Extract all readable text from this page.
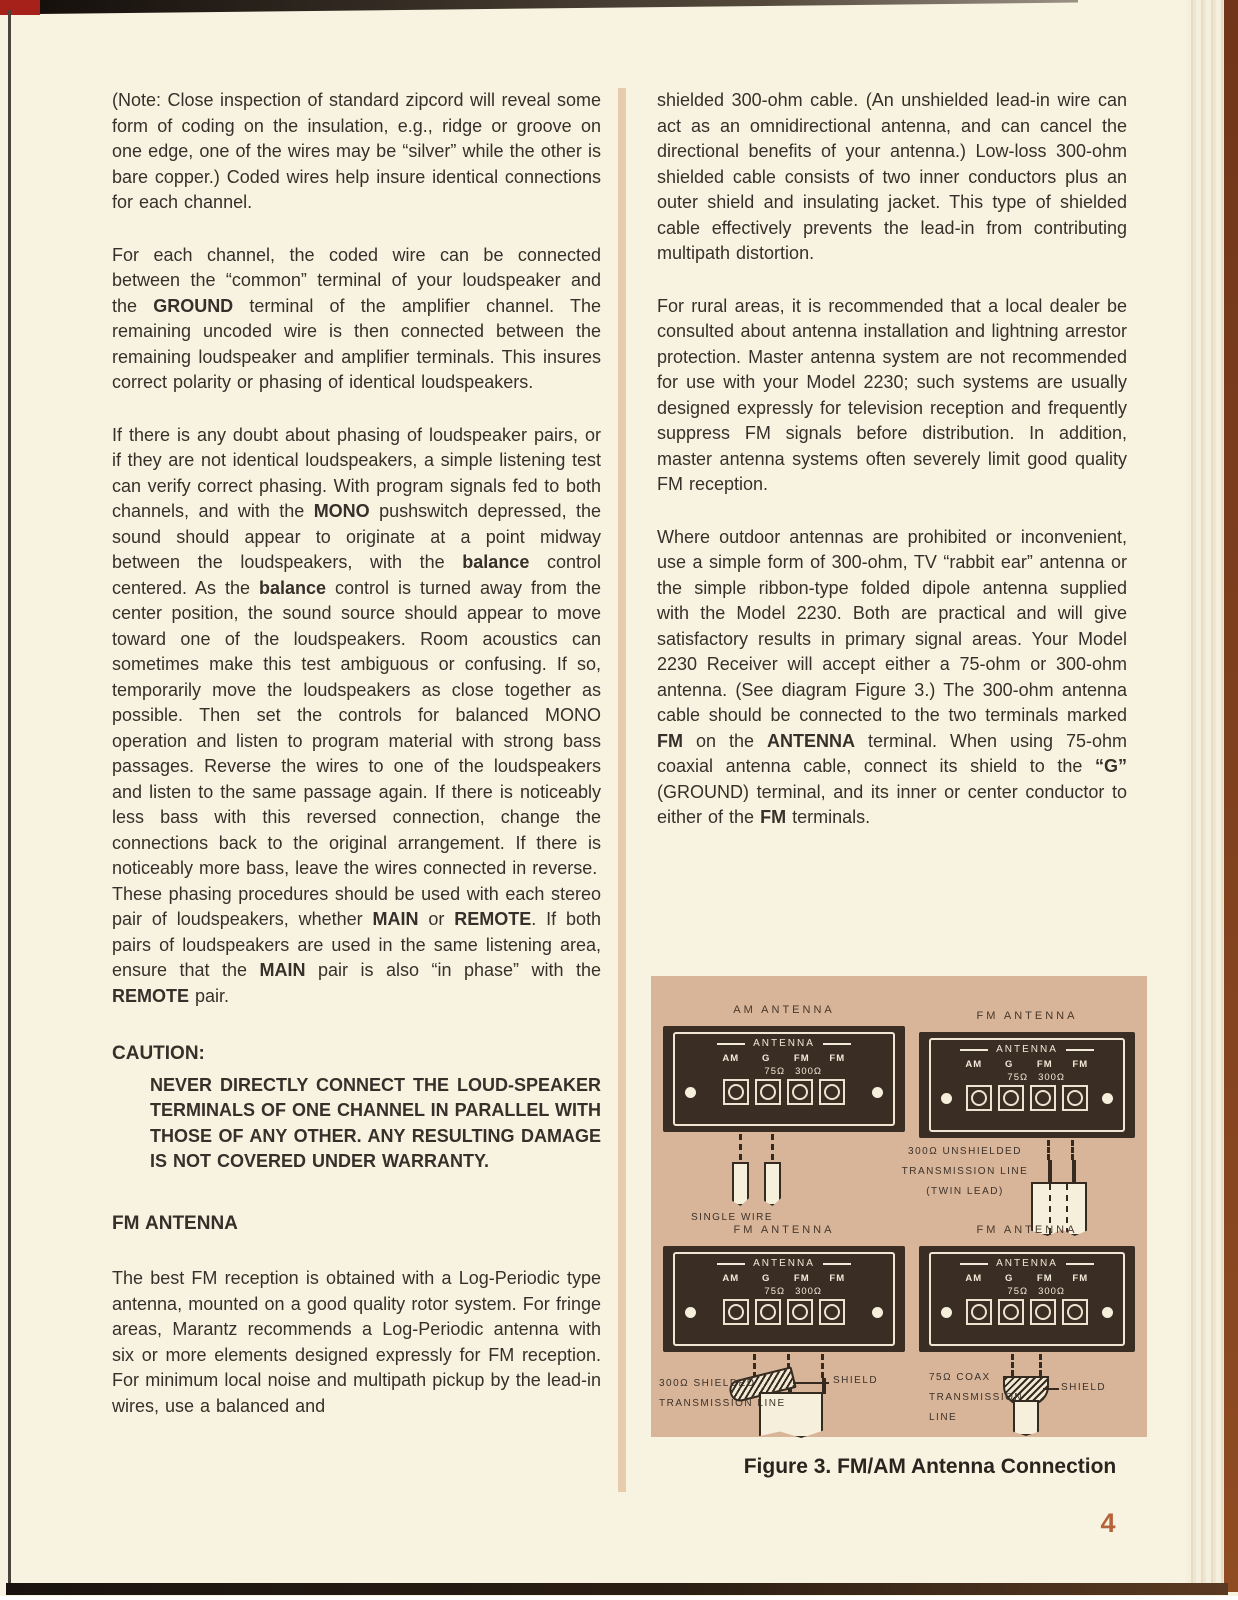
(Note: Close inspection of standard zipcord will reveal some form of coding on the insulation, e.g., ridge or groove on one edge, one of the wires may be “silver” while the other is bare copper.) Coded wires help insure identical connections for each channel.

For each channel, the coded wire can be connected between the “common” terminal of your loudspeaker and the GROUND terminal of the amplifier channel. The remaining uncoded wire is then connected between the remaining loudspeaker and amplifier terminals. This insures correct polarity or phasing of identical loudspeakers.

If there is any doubt about phasing of loudspeaker pairs, or if they are not identical loudspeakers, a simple listening test can verify correct phasing. With program signals fed to both channels, and with the MONO pushswitch depressed, the sound should appear to originate at a point midway between the loudspeakers, with the balance control centered. As the balance control is turned away from the center position, the sound source should appear to move toward one of the loudspeakers. Room acoustics can sometimes make this test ambiguous or confusing. If so, temporarily move the loudspeakers as close together as possible. Then set the controls for balanced MONO operation and listen to program material with strong bass passages. Reverse the wires to one of the loudspeakers and listen to the same passage again. If there is noticeably less bass with this reversed connection, change the connections back to the original arrangement. If there is noticeably more bass, leave the wires connected in reverse.

These phasing procedures should be used with each stereo pair of loudspeakers, whether MAIN or REMOTE. If both pairs of loudspeakers are used in the same listening area, ensure that the MAIN pair is also “in phase” with the REMOTE pair.

CAUTION:
NEVER DIRECTLY CONNECT THE LOUD-SPEAKER TERMINALS OF ONE CHANNEL IN PARALLEL WITH THOSE OF ANY OTHER. ANY RESULTING DAMAGE IS NOT COVERED UNDER WARRANTY.
FM ANTENNA

The best FM reception is obtained with a Log-Periodic type antenna, mounted on a good quality rotor system. For fringe areas, Marantz recommends a Log-Periodic antenna with six or more elements designed expressly for FM reception. For minimum local noise and multipath pickup by the lead-in wires, use a balanced and

shielded 300-ohm cable. (An unshielded lead-in wire can act as an omnidirectional antenna, and can cancel the directional benefits of your antenna.) Low-loss 300-ohm shielded cable consists of two inner conductors plus an outer shield and insulating jacket. This type of shielded cable effectively prevents the lead-in from contributing multipath distortion.

For rural areas, it is recommended that a local dealer be consulted about antenna installation and lightning arrestor protection. Master antenna system are not recommended for use with your Model 2230; such systems are usually designed expressly for television reception and frequently suppress FM signals before distribution. In addition, master antenna systems often severely limit good quality FM reception.

Where outdoor antennas are prohibited or inconvenient, use a simple form of 300-ohm, TV “rabbit ear” antenna or the simple ribbon-type folded dipole antenna supplied with the Model 2230. Both are practical and will give satisfactory results in primary signal areas. Your Model 2230 Receiver will accept either a 75-ohm or 300-ohm antenna. (See diagram Figure 3.) The 300-ohm antenna cable should be connected to the two terminals marked FM on the ANTENNA terminal. When using 75-ohm coaxial antenna cable, connect its shield to the “G” (GROUND) terminal, and its inner or center conductor to either of the FM terminals.

AM ANTENNA
ANTENNA
AM	G	FM	FM
75Ω 300Ω
SINGLE WIRE
FM ANTENNA
ANTENNA
AM	G	FM	FM
75Ω 300Ω
300Ω UNSHIELDED
TRANSMISSION LINE
(TWIN LEAD)
FM ANTENNA
ANTENNA
AM	G	FM	FM
75Ω 300Ω
SHIELD
300Ω SHIELDED
TRANSMISSION LINE
FM ANTENNA
ANTENNA
AM	G	FM	FM
75Ω 300Ω
SHIELD
75Ω COAX
TRANSMISSION
LINE
Figure 3. FM/AM Antenna Connection
4
